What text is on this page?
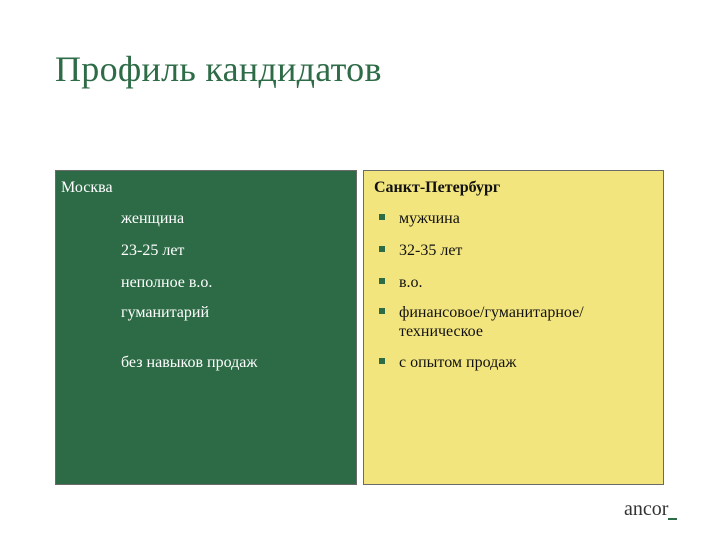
Профиль кандидатов
Москва
женщина
23-25 лет
неполное в.о.
гуманитарий
без навыков продаж
Санкт-Петербург
мужчина
32-35 лет
в.о.
финансовое/гуманитарное/ техническое
с опытом продаж
ancor
